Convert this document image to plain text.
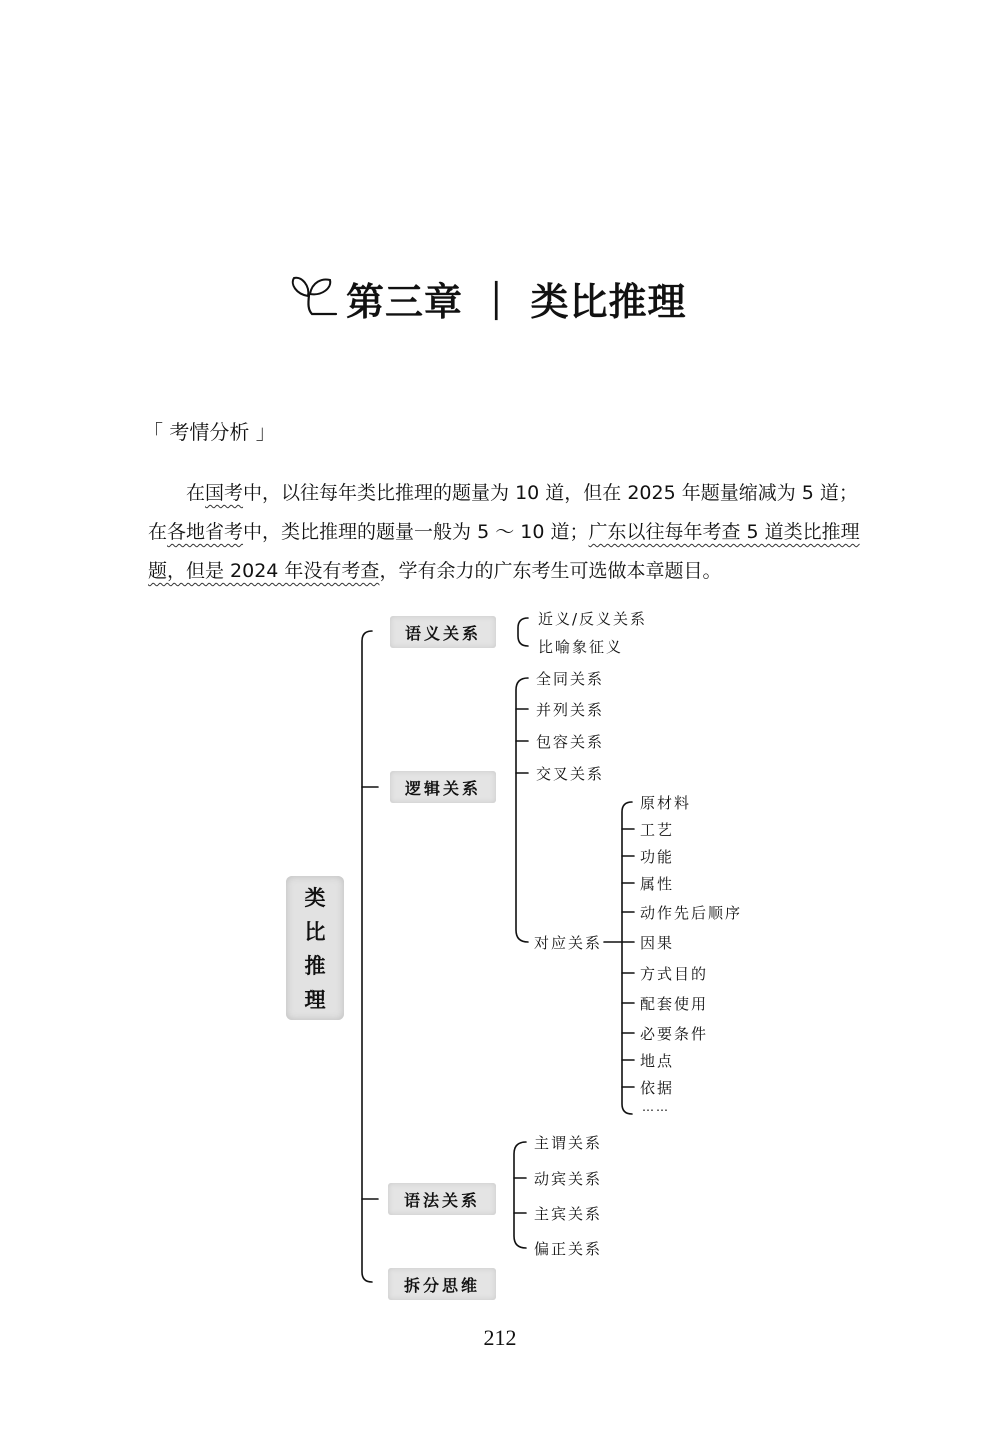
第三章 ｜ 类比推理
「 考情分析 」

在国考中，以往每年类比推理的题量为 10 道，但在 2025 年题量缩减为 5 道；

在各地省考中，类比推理的题量一般为 5 ～ 10 道；广东以往每年考查 5 道类比推理

题，但是 2024 年没有考查，学有余力的广东考生可选做本章题目。

类
比
推
理
语义关系
逻辑关系
语法关系
拆分思维
近义/反义关系
比喻象征义
全同关系
并列关系
包容关系
交叉关系
对应关系
原材料
工艺
功能
属性
动作先后顺序
因果
方式目的
配套使用
必要条件
地点
依据
……
主谓关系
动宾关系
主宾关系
偏正关系
212
